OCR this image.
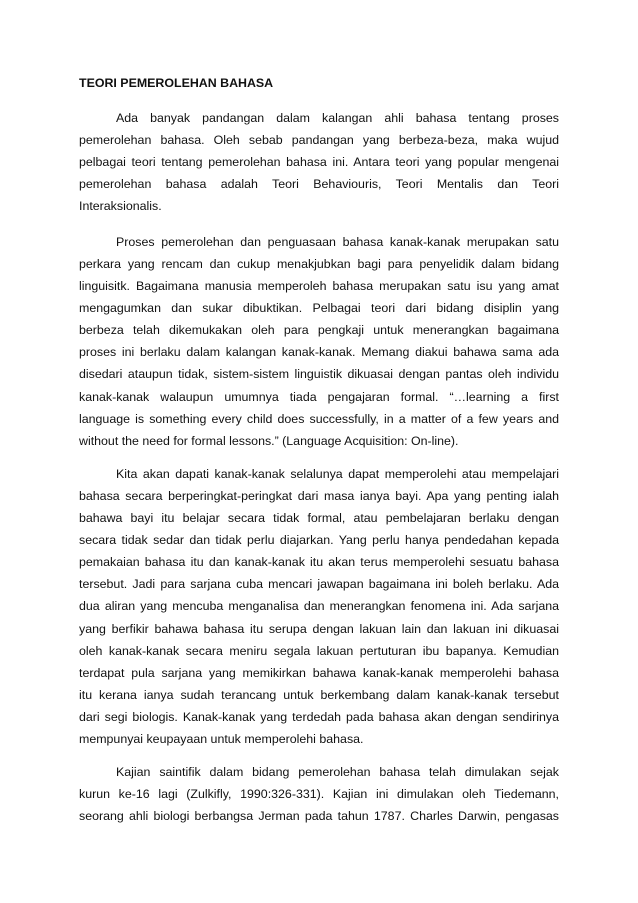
TEORI PEMEROLEHAN BAHASA
Ada banyak pandangan dalam kalangan ahli bahasa tentang proses
pemerolehan bahasa. Oleh sebab pandangan yang berbeza-beza, maka wujud
pelbagai teori tentang pemerolehan bahasa ini. Antara teori yang popular mengenai
pemerolehan bahasa adalah Teori Behaviouris, Teori Mentalis dan Teori
Interaksionalis.
Proses pemerolehan dan penguasaan bahasa kanak-kanak merupakan satu
perkara yang rencam dan cukup menakjubkan bagi para penyelidik dalam bidang
linguisitk. Bagaimana manusia memperoleh bahasa merupakan satu isu yang amat
mengagumkan dan sukar dibuktikan. Pelbagai teori dari bidang disiplin yang
berbeza telah dikemukakan oleh para pengkaji untuk menerangkan bagaimana
proses ini berlaku dalam kalangan kanak-kanak. Memang diakui bahawa sama ada
disedari ataupun tidak, sistem-sistem linguistik dikuasai dengan pantas oleh individu
kanak-kanak walaupun umumnya tiada pengajaran formal. “…learning a first
language is something every child does successfully, in a matter of a few years and
without the need for formal lessons.” (Language Acquisition: On-line).
Kita akan dapati kanak-kanak selalunya dapat memperolehi atau mempelajari
bahasa secara berperingkat-peringkat dari masa ianya bayi. Apa yang penting ialah
bahawa bayi itu belajar secara tidak formal, atau pembelajaran berlaku dengan
secara tidak sedar dan tidak perlu diajarkan. Yang perlu hanya pendedahan kepada
pemakaian bahasa itu dan kanak-kanak itu akan terus memperolehi sesuatu bahasa
tersebut. Jadi para sarjana cuba mencari jawapan bagaimana ini boleh berlaku. Ada
dua aliran yang mencuba menganalisa dan menerangkan fenomena ini. Ada sarjana
yang berfikir bahawa bahasa itu serupa dengan lakuan lain dan lakuan ini dikuasai
oleh kanak-kanak secara meniru segala lakuan pertuturan ibu bapanya. Kemudian
terdapat pula sarjana yang memikirkan bahawa kanak-kanak memperolehi bahasa
itu kerana ianya sudah terancang untuk berkembang dalam kanak-kanak tersebut
dari segi biologis. Kanak-kanak yang terdedah pada bahasa akan dengan sendirinya
mempunyai keupayaan untuk memperolehi bahasa.
Kajian saintifik dalam bidang pemerolehan bahasa telah dimulakan sejak
kurun ke-16 lagi (Zulkifly, 1990:326-331). Kajian ini dimulakan oleh Tiedemann,
seorang ahli biologi berbangsa Jerman pada tahun 1787. Charles Darwin, pengasas
